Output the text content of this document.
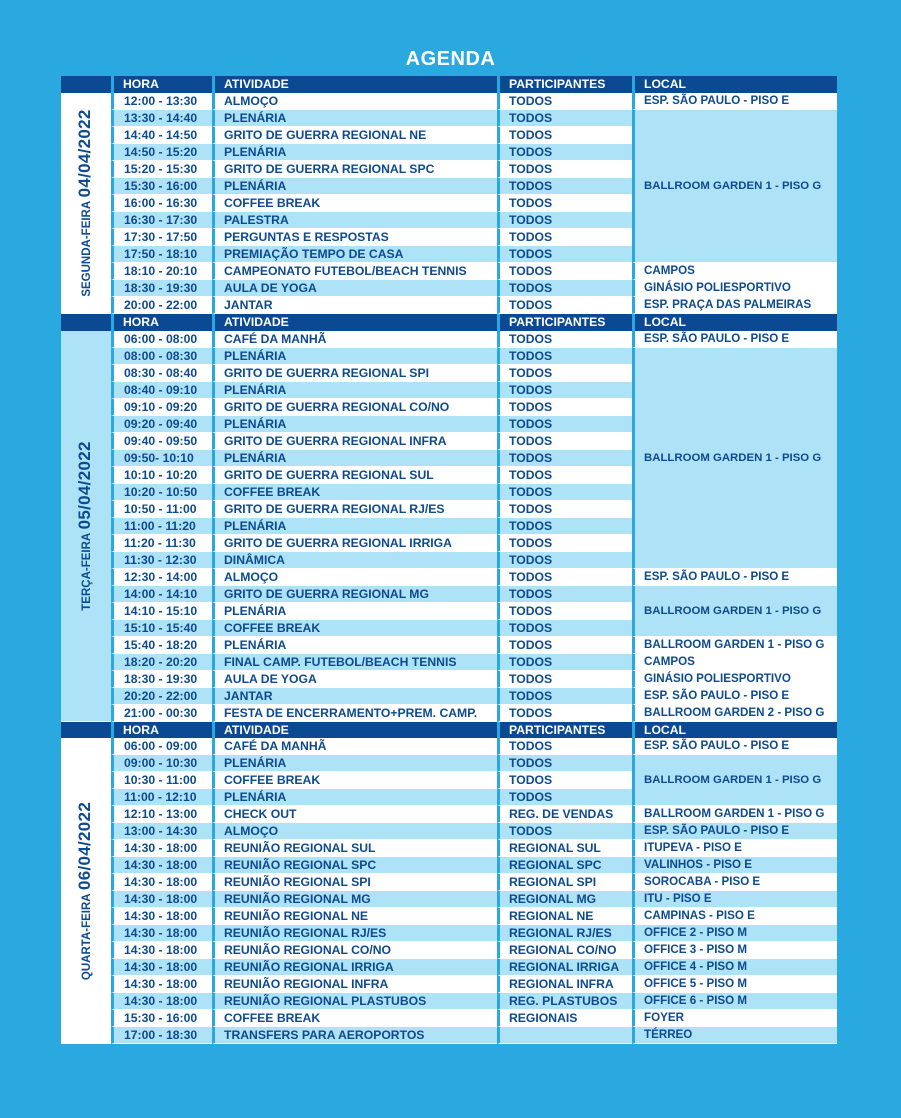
AGENDA
	HORA	ATIVIDADE	PARTICIPANTES	LOCAL

SEGUNDA-FEIRA 04/04/2022	12:00 - 13:30	ALMOÇO	TODOS	ESP. SÃO PAULO - PISO E
	13:30 - 14:40	PLENÁRIA	TODOS	BALLROOM GARDEN 1 - PISO G
	14:40 - 14:50	GRITO DE GUERRA REGIONAL NE	TODOS	
	14:50 - 15:20	PLENÁRIA	TODOS	
	15:20 - 15:30	GRITO DE GUERRA REGIONAL SPC	TODOS	
	15:30 - 16:00	PLENÁRIA	TODOS	
	16:00 - 16:30	COFFEE BREAK	TODOS	
	16:30 - 17:30	PALESTRA	TODOS	
	17:30 - 17:50	PERGUNTAS E RESPOSTAS	TODOS	
	17:50 - 18:10	PREMIAÇÃO TEMPO DE CASA	TODOS	
	18:10 - 20:10	CAMPEONATO FUTEBOL/BEACH TENNIS	TODOS	CAMPOS
	18:30 - 19:30	AULA DE YOGA	TODOS	GINÁSIO POLIESPORTIVO
	20:00 - 22:00	JANTAR	TODOS	ESP. PRAÇA DAS PALMEIRAS
	HORA	ATIVIDADE	PARTICIPANTES	LOCAL

TERÇA-FEIRA 05/04/2022	06:00 - 08:00	CAFÉ DA MANHÃ	TODOS	ESP. SÃO PAULO - PISO E
	08:00 - 08:30	PLENÁRIA	TODOS	BALLROOM GARDEN 1 - PISO G
	08:30 - 08:40	GRITO DE GUERRA REGIONAL SPI	TODOS	
	08:40 - 09:10	PLENÁRIA	TODOS	
	09:10 - 09:20	GRITO DE GUERRA REGIONAL CO/NO	TODOS	
	09:20 - 09:40	PLENÁRIA	TODOS	
	09:40 - 09:50	GRITO DE GUERRA REGIONAL INFRA	TODOS	
	09:50- 10:10	PLENÁRIA	TODOS	
	10:10 - 10:20	GRITO DE GUERRA REGIONAL SUL	TODOS	
	10:20 - 10:50	COFFEE BREAK	TODOS	
	10:50 - 11:00	GRITO DE GUERRA REGIONAL RJ/ES	TODOS	
	11:00 - 11:20	PLENÁRIA	TODOS	
	11:20 - 11:30	GRITO DE GUERRA REGIONAL IRRIGA	TODOS	
	11:30 - 12:30	DINÂMICA	TODOS	
	12:30 - 14:00	ALMOÇO	TODOS	ESP. SÃO PAULO - PISO E
	14:00 - 14:10	GRITO DE GUERRA REGIONAL MG	TODOS	BALLROOM GARDEN 1 - PISO G
	14:10 - 15:10	PLENÁRIA	TODOS	
	15:10 - 15:40	COFFEE BREAK	TODOS	
	15:40 - 18:20	PLENÁRIA	TODOS	BALLROOM GARDEN 1 - PISO G
	18:20 - 20:20	FINAL CAMP. FUTEBOL/BEACH TENNIS	TODOS	CAMPOS
	18:30 - 19:30	AULA DE YOGA	TODOS	GINÁSIO POLIESPORTIVO
	20:20 - 22:00	JANTAR	TODOS	ESP. SÃO PAULO - PISO E
	21:00 - 00:30	FESTA DE ENCERRAMENTO+PREM. CAMP.	TODOS	BALLROOM GARDEN 2 - PISO G
	HORA	ATIVIDADE	PARTICIPANTES	LOCAL

QUARTA-FEIRA 06/04/2022	06:00 - 09:00	CAFÉ DA MANHÃ	TODOS	ESP. SÃO PAULO - PISO E
	09:00 - 10:30	PLENÁRIA	TODOS	BALLROOM GARDEN 1 - PISO G
	10:30 - 11:00	COFFEE BREAK	TODOS	
	11:00 - 12:10	PLENÁRIA	TODOS	
	12:10 - 13:00	CHECK OUT	REG. DE VENDAS	BALLROOM GARDEN 1 - PISO G
	13:00 - 14:30	ALMOÇO	TODOS	ESP. SÃO PAULO - PISO E
	14:30 - 18:00	REUNIÃO REGIONAL SUL	REGIONAL SUL	ITUPEVA - PISO E
	14:30 - 18:00	REUNIÃO REGIONAL SPC	REGIONAL SPC	VALINHOS - PISO E
	14:30 - 18:00	REUNIÃO REGIONAL SPI	REGIONAL SPI	SOROCABA - PISO E
	14:30 - 18:00	REUNIÃO REGIONAL MG	REGIONAL MG	ITU - PISO E
	14:30 - 18:00	REUNIÃO REGIONAL NE	REGIONAL NE	CAMPINAS - PISO E
	14:30 - 18:00	REUNIÃO REGIONAL RJ/ES	REGIONAL RJ/ES	OFFICE 2 - PISO M
	14:30 - 18:00	REUNIÃO REGIONAL CO/NO	REGIONAL CO/NO	OFFICE 3 - PISO M
	14:30 - 18:00	REUNIÃO REGIONAL IRRIGA	REGIONAL IRRIGA	OFFICE 4 - PISO M
	14:30 - 18:00	REUNIÃO REGIONAL INFRA	REGIONAL INFRA	OFFICE 5 - PISO M
	14:30 - 18:00	REUNIÃO REGIONAL PLASTUBOS	REG. PLASTUBOS	OFFICE 6 - PISO M
	15:30 - 16:00	COFFEE BREAK	REGIONAIS	FOYER
	17:00 - 18:30	TRANSFERS PARA AEROPORTOS		TÉRREO
